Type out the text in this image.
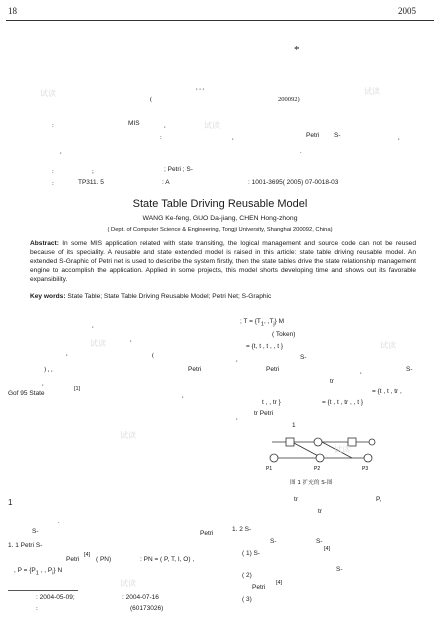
18	2005
*
, , ,
(	200092)
:	MIS	,
:	,	Petri S-	,
,	.
:	;	; Petri ; S-
:	TP311. 5	: A	: 1001-3695( 2005) 07-0018-03
State Table Driving Reusable Model
WANG Ke-feng, GUO Da-jiang, CHEN Hong-zhong
( Dept. of Computer Science & Engineering, Tongji University, Shanghai 200092, China)
Abstract: In some MIS application related with state transiting, the logical management and source code can not be reused because of its speciality. A reusable and state extended model is raised in this article: state table driving reusable model. An extended S-Graphic of Petri net is used to describe the system firstly, then the state tables drive the state relationship management engine to accomplish the application. Applied in some projects, this model shorts developing time and shows out its favorable expansibility.
Key words: State Table; State Table Driving Reusable Model; Petri Net; S-Graphic
,
,
,	(
) , ,	Petri
,
Gof 95 State
[1]
,
1
.
S-
1. 1 Petri S-
Petri
[4]
( PN)	: PN = ( P, T, I, O) ,
, $P = \{P_1$ , , $P_i$} N
: 2004-05-09;	: 2004-07-16
:	(60173026)
; $T = \{T_1$, $,T_j$} M
( Token)
= {t, t , t , , t }
,	S-
Petri	,	S-
tr
= {t , t , tr ,
t , , tr }	= {t , t , tr , , t }
tr Petri
,
1
P1	P2	P3
图 1 扩充的 S-图
tr	P,
tr
1. 2 S-
Petri
S-	S-
( 1) S-
[4]
( 2)
S-
Petri
[4]
( 3)
试读
试读
试读
试读
试读
试读
试读
试读
